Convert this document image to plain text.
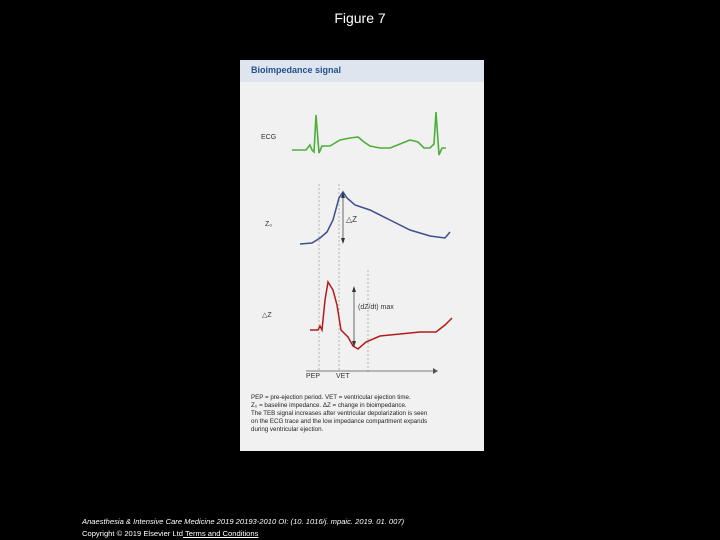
Figure 7
Bioimpedance signal
ECG
Z₀
△Z
△Z
(dZ/dt) max
PEP VET
PEP = pre-ejection period. VET = ventricular ejection time.
Z₀ = baseline impedance. ΔZ = change in bioimpedance.
The TEB signal increases after ventricular depolarization is seen
on the ECG trace and the low impedance compartment expands
during ventricular ejection.
Anaesthesia & Intensive Care Medicine 2019 20193-2010 OI: (10. 1016/j. mpaic. 2019. 01. 007)
Copyright © 2019 Elsevier Ltd Terms and Conditions
